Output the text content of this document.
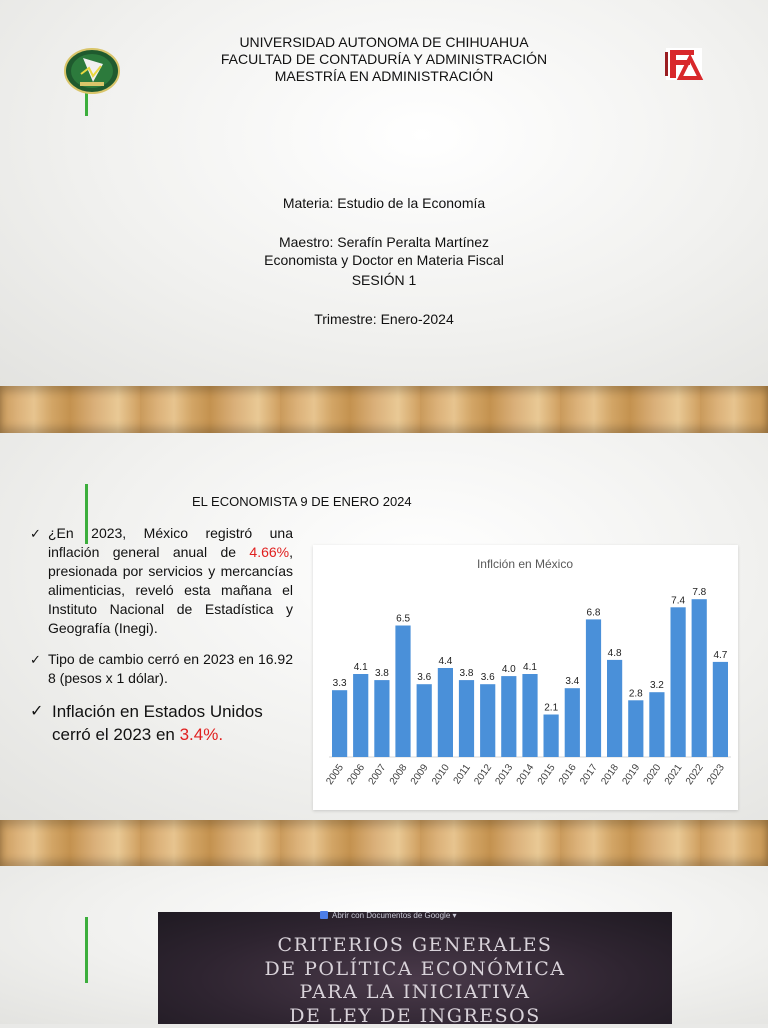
UNIVERSIDAD AUTONOMA DE CHIHUAHUA
FACULTAD DE CONTADURÍA Y ADMINISTRACIÓN
MAESTRÍA EN ADMINISTRACIÓN
Materia: Estudio de la Economía
Maestro: Serafín Peralta Martínez
Economista y Doctor en Materia Fiscal
SESIÓN 1
Trimestre: Enero-2024
EL ECONOMISTA 9 DE ENERO 2024
✓ ¿En 2023, México registró una inflación general anual de 4.66%, presionada por servicios y mercancías alimenticias, reveló esta mañana el Instituto Nacional de Estadística y Geografía (Inegi).
✓ Tipo de cambio cerró en 2023 en 16.92 8 (pesos x 1 dólar).
✓ Inflación en Estados Unidos cerró el 2023 en 3.4%.
Inflción en México
3.3
2005
4.1
2006
3.8
2007
6.5
2008
3.6
2009
4.4
2010
3.8
2011
3.6
2012
4.0
2013
4.1
2014
2.1
2015
3.4
2016
6.8
2017
4.8
2018
2.8
2019
3.2
2020
7.4
2021
7.8
2022
4.7
2023
Abrir con Documentos de Google ▾
CRITERIOS GENERALES
DE POLÍTICA ECONÓMICA
PARA LA INICIATIVA
DE LEY DE INGRESOS
